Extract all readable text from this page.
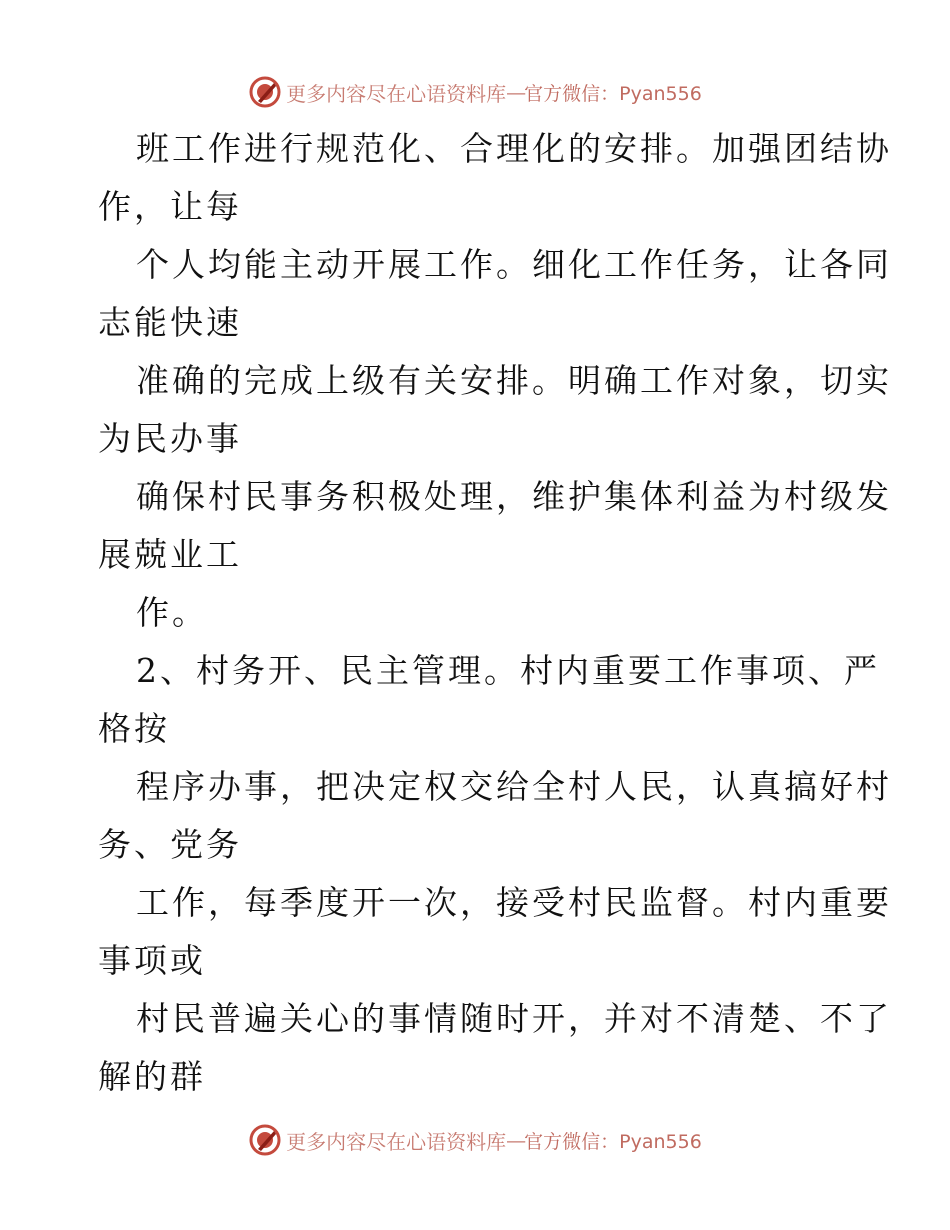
更多内容尽在心语资料库 — 官方微信：Pyan556
班工作进行规范化、合理化的安排。加强团结协
作，让每
个人均能主动开展工作。细化工作任务，让各同
志能快速
准确的完成上级有关安排。明确工作对象，切实
为民办事
确保村民事务积极处理，维护集体利益为村级发
展兢业工
作。
2、村务开、民主管理。村内重要工作事项、严
格按
程序办事，把决定权交给全村人民，认真搞好村
务、党务
工作，每季度开一次，接受村民监督。村内重要
事项或
村民普遍关心的事情随时开，并对不清楚、不了
解的群
更多内容尽在心语资料库 — 官方微信：Pyan556
